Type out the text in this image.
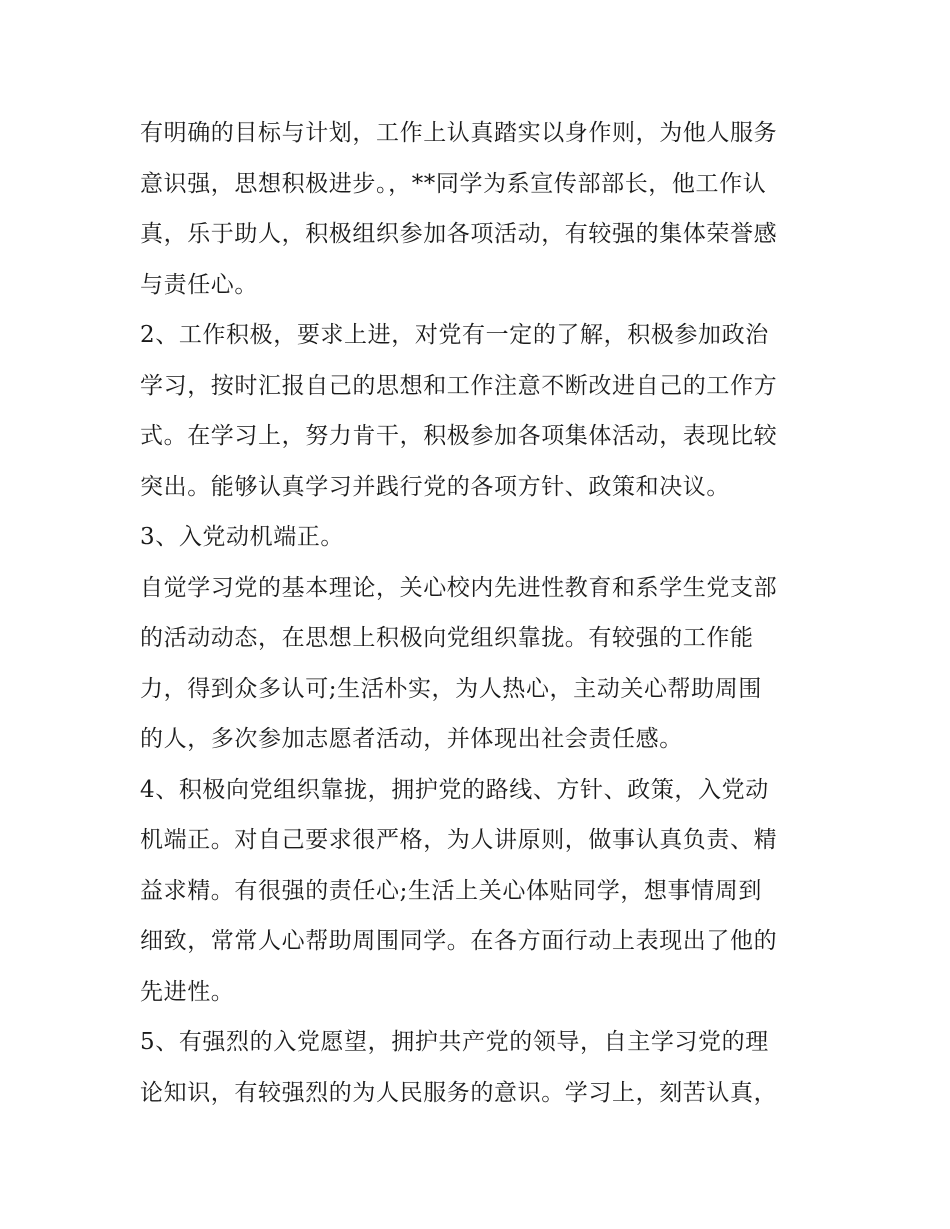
有明确的目标与计划，工作上认真踏实以身作则，为他人服务
意识强，思想积极进步。，**同学为系宣传部部长，他工作认
真，乐于助人，积极组织参加各项活动，有较强的集体荣誉感
与责任心。
2、工作积极，要求上进，对党有一定的了解，积极参加政治
学习，按时汇报自己的思想和工作注意不断改进自己的工作方
式。在学习上，努力肯干，积极参加各项集体活动，表现比较
突出。能够认真学习并践行党的各项方针、政策和决议。
3、入党动机端正。
自觉学习党的基本理论，关心校内先进性教育和系学生党支部
的活动动态，在思想上积极向党组织靠拢。有较强的工作能
力，得到众多认可;生活朴实，为人热心，主动关心帮助周围
的人，多次参加志愿者活动，并体现出社会责任感。
4、积极向党组织靠拢，拥护党的路线、方针、政策，入党动
机端正。对自己要求很严格，为人讲原则，做事认真负责、精
益求精。有很强的责任心;生活上关心体贴同学，想事情周到
细致，常常人心帮助周围同学。在各方面行动上表现出了他的
先进性。
5、有强烈的入党愿望，拥护共产党的领导，自主学习党的理
论知识，有较强烈的为人民服务的意识。学习上，刻苦认真，
